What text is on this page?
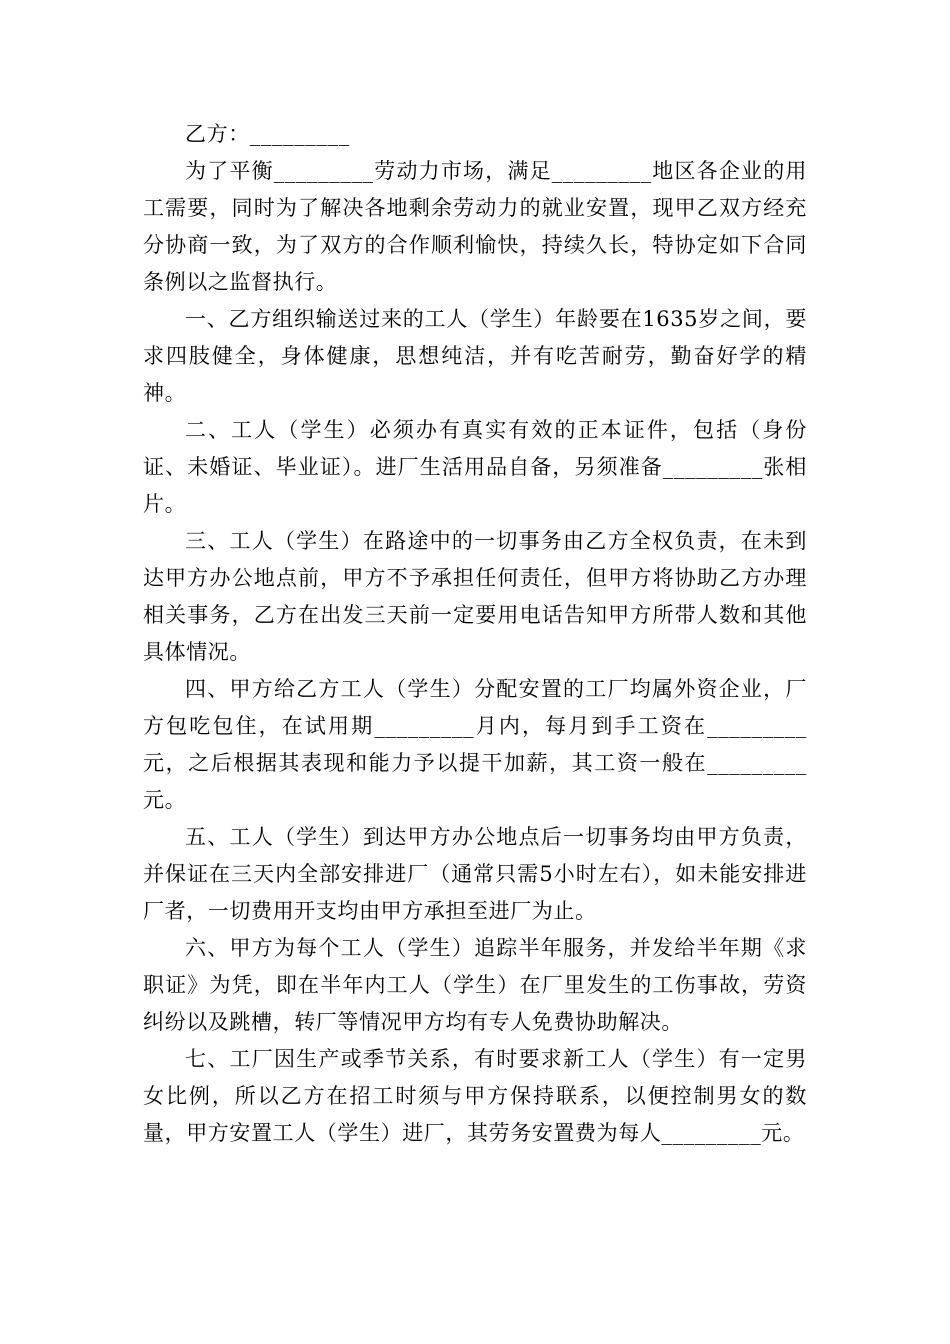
乙方：_________

为了平衡_________劳动力市场，满足_________地区各企业的用工需要，同时为了解决各地剩余劳动力的就业安置，现甲乙双方经充分协商一致，为了双方的合作顺利愉快，持续久长，特协定如下合同条例以之监督执行。

一、乙方组织输送过来的工人（学生）年龄要在1635岁之间，要求四肢健全，身体健康，思想纯洁，并有吃苦耐劳，勤奋好学的精神。

二、工人（学生）必须办有真实有效的正本证件，包括（身份证、未婚证、毕业证）。进厂生活用品自备，另须准备_________张相片。

三、工人（学生）在路途中的一切事务由乙方全权负责，在未到达甲方办公地点前，甲方不予承担任何责任，但甲方将协助乙方办理相关事务，乙方在出发三天前一定要用电话告知甲方所带人数和其他具体情况。

四、甲方给乙方工人（学生）分配安置的工厂均属外资企业，厂方包吃包住，在试用期_________月内，每月到手工资在_________元，之后根据其表现和能力予以提干加薪，其工资一般在_________元。

五、工人（学生）到达甲方办公地点后一切事务均由甲方负责，并保证在三天内全部安排进厂（通常只需5小时左右），如未能安排进厂者，一切费用开支均由甲方承担至进厂为止。

六、甲方为每个工人（学生）追踪半年服务，并发给半年期《求职证》为凭，即在半年内工人（学生）在厂里发生的工伤事故，劳资纠纷以及跳槽，转厂等情况甲方均有专人免费协助解决。

七、工厂因生产或季节关系，有时要求新工人（学生）有一定男女比例，所以乙方在招工时须与甲方保持联系，以便控制男女的数量，甲方安置工人（学生）进厂，其劳务安置费为每人_________元。
